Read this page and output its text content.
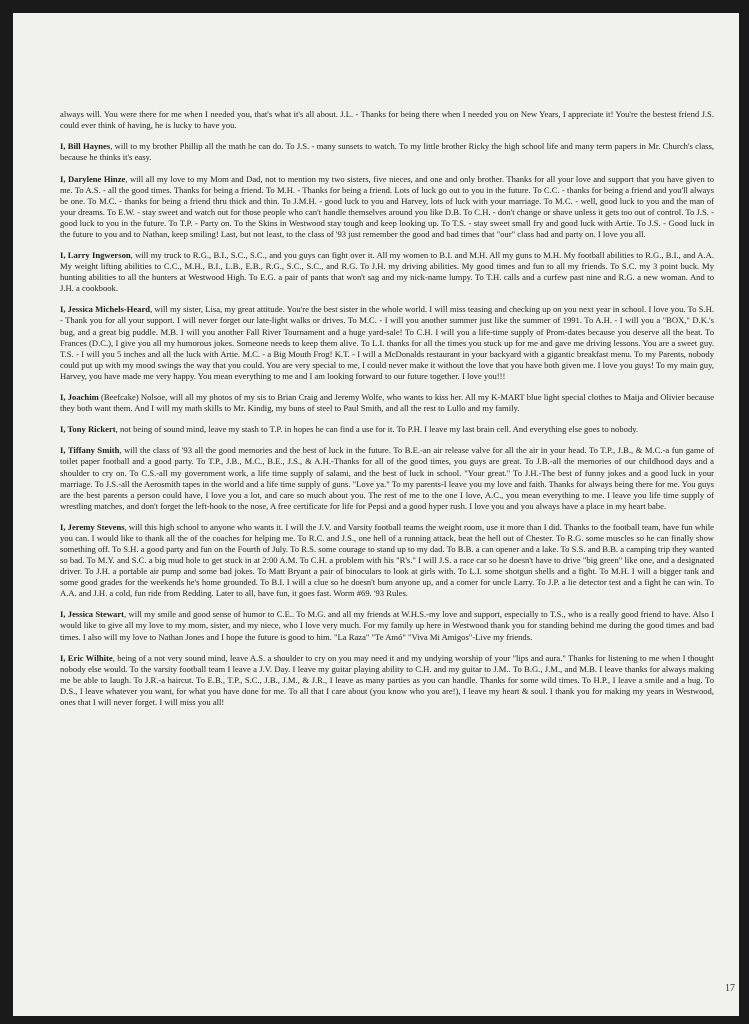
always will. You were there for me when I needed you, that's what it's all about. J.L. - Thanks for being there when I needed you on New Years, I appreciate it! You're the bestest friend J.S. could ever think of having, he is lucky to have you.

I, Bill Haynes, will to my brother Phillip all the math he can do. To J.S. - many sunsets to watch. To my little brother Ricky the high school life and many term papers in Mr. Church's class, because he thinks it's easy.

I, Darylene Hinze, will all my love to my Mom and Dad, not to mention my two sisters, five nieces, and one and only brother. Thanks for all your love and support that you have given to me. To A.S. - all the good times. Thanks for being a friend. To M.H. - Thanks for being a friend. Lots of luck go out to you in the future. To C.C. - thanks for being a friend and you'll always be one. To M.C. - thanks for being a friend thru thick and thin. To J.M.H. - good luck to you and Harvey, lots of luck with your marriage. To M.C. - well, good luck to you and the man of your dreams. To E.W. - stay sweet and watch out for those people who can't handle themselves around you like D.B. To C.H. - don't change or shave unless it gets too out of control. To J.S. - good luck to you in the future. To T.P. - Party on. To the Skins in Westwood stay tough and keep looking up. To T.S. - stay sweet small fry and good luck with Artie. To J.S. - Good luck in the future to you and to Nathan, keep smiling! Last, but not least, to the class of '93 just remember the good and bad times that "our" class had and party on. I love you all.

I, Larry Ingwerson, will my truck to R.G., B.I., S.C., S.C., and you guys can fight over it. All my women to B.I. and M.H. All my guns to M.H. My football abilities to R.G., B.I., and A.A. My weight lifting abilities to C.C., M.H., B.I., L.B., E.B., R.G., S.C., S.C., and R.G. To J.H. my driving abilities. My good times and fun to all my friends. To S.C. my 3 point buck. My hunting abilities to all the hunters at Westwood High. To E.G. a pair of pants that won't sag and my nick-name lumpy. To T.H. calls and a curfew past nine and R.G. a new woman. And to J.H. a cookbook.

I, Jessica Michels-Heard, will my sister, Lisa, my great attitude. You're the best sister in the whole world. I will miss teasing and checking up on you next year in school. I love you. To S.H. - Thank you for all your support. I will never forget our late-light walks or drives. To M.C. - I will you another summer just like the summer of 1991. To A.H. - I will you a "BOX," D.K.'s bug, and a great big puddle. M.B. I will you another Fall River Tournament and a huge yard-sale! To C.H. I will you a life-time supply of Prom-dates because you deserve all the beat. To Frances (D.C.), I give you all my humorous jokes. Someone needs to keep them alive. To L.I. thanks for all the times you stuck up for me and gave me driving lessons. You are a sweet guy. T.S. - I will you 5 inches and all the luck with Artie. M.C. - a Big Mouth Frog! K.T. - I will a McDonalds restaurant in your backyard with a gigantic breakfast menu. To my Parents, nobody could put up with my mood swings the way that you could. You are very special to me, I could never make it without the love that you have both given me. I love you guys! To my main guy, Harvey, you have made me very happy. You mean everything to me and I am looking forward to our future together. I love you!!!

I, Joachim (Beefcake) Nolsoe, will all my photos of my sis to Brian Craig and Jeremy Wolfe, who wants to kiss her. All my K-MART blue light special clothes to Maija and Olivier because they both want them. And I will my math skills to Mr. Kindig, my buns of steel to Paul Smith, and all the rest to Lullo and my family.

I, Tony Rickert, not being of sound mind, leave my stash to T.P. in hopes he can find a use for it. To P.H. I leave my last brain cell. And everything else goes to nobody.

I, Tiffany Smith, will the class of '93 all the good memories and the best of luck in the future. To B.E.-an air release valve for all the air in your head. To T.P., J.B., & M.C.-a fun game of toilet paper football and a good party. To T.P., J.B., M.C., B.E., J.S., & A.H.-Thanks for all of the good times, you guys are great. To J.B.-all the memories of our childhood days and a shoulder to cry on. To C.S.-all my government work, a life time supply of salami, and the best of luck in school. "Your great." To J.H.-The best of funny jokes and a good luck in your marriage. To J.S.-all the Aerosmith tapes in the world and a life time supply of guns. "Love ya." To my parents-I leave you my love and faith. Thanks for always being there for me. You guys are the best parents a person could have, I love you a lot, and care so much about you. The rest of me to the one I love, A.C., you mean everything to me. I leave you life time supply of wrestling matches, and don't forget the left-hook to the nose, A free certificate for life for Pepsi and a good hyper rush. I love you and you always have a place in my heart babe.

I, Jeremy Stevens, will this high school to anyone who wants it. I will the J.V. and Varsity football teams the weight room, use it more than I did. Thanks to the football team, have fun while you can. I would like to thank all the of the coaches for helping me. To R.C. and J.S., one hell of a running attack, beat the hell out of Chester. To R.G. some muscles so he can finally show something off. To S.H. a good party and fun on the Fourth of July. To R.S. some courage to stand up to my dad. To B.B. a can opener and a lake. To S.S. and B.B. a camping trip they wanted so bad. To M.Y. and S.C. a big mud hole to get stuck in at 2:00 A.M. To C.H. a problem with his "R's." I will J.S. a race car so he doesn't have to drive "big green" like one, and a designated driver. To J.H. a portable air pump and some bad jokes. To Matt Bryant a pair of binoculars to look at girls with. To L.I. some shotgun shells and a fight. To M.H. I will a bigger tank and some good grades for the weekends he's home grounded. To B.I. I will a clue so he doesn't bum anyone up, and a comer for uncle Larry. To J.P. a lie detector test and a fight he can win. To A.A. and J.H. a cold, fun ride from Redding. Later to all, have fun, it goes fast. Worm #69. '93 Rules.

I, Jessica Stewart, will my smile and good sense of humor to C.E.. To M.G. and all my friends at W.H.S.-my love and support, especially to T.S., who is a really good friend to have. Also I would like to give all my love to my mom, sister, and my niece, who I love very much. For my family up here in Westwood thank you for standing behind me during the good times and bad times. I also will my love to Nathan Jones and I hope the future is good to him. "La Raza" "Te Amó" "Viva Mi Amigos"-Live my friends.

I, Eric Wilhite, being of a not very sound mind, leave A.S. a shoulder to cry on you may need it and my undying worship of your "lips and aura." Thanks for listening to me when I thought nobody else would. To the varsity football team I leave a J.V. Day. I leave my guitar playing ability to C.H. and my guitar to J.M.. To B.G., J.M., and M.B. I leave thanks for always making me be able to laugh. To J.R.-a haircut. To E.B., T.P., S.C., J.B., J.M., & J.R., I leave as many parties as you can handle. Thanks for some wild times. To H.P., I leave a smile and a hug. To D.S., I leave whatever you want, for what you have done for me. To all that I care about (you know who you are!), I leave my heart & soul. I thank you for making my years in Westwood, ones that I will never forget. I will miss you all!

17
